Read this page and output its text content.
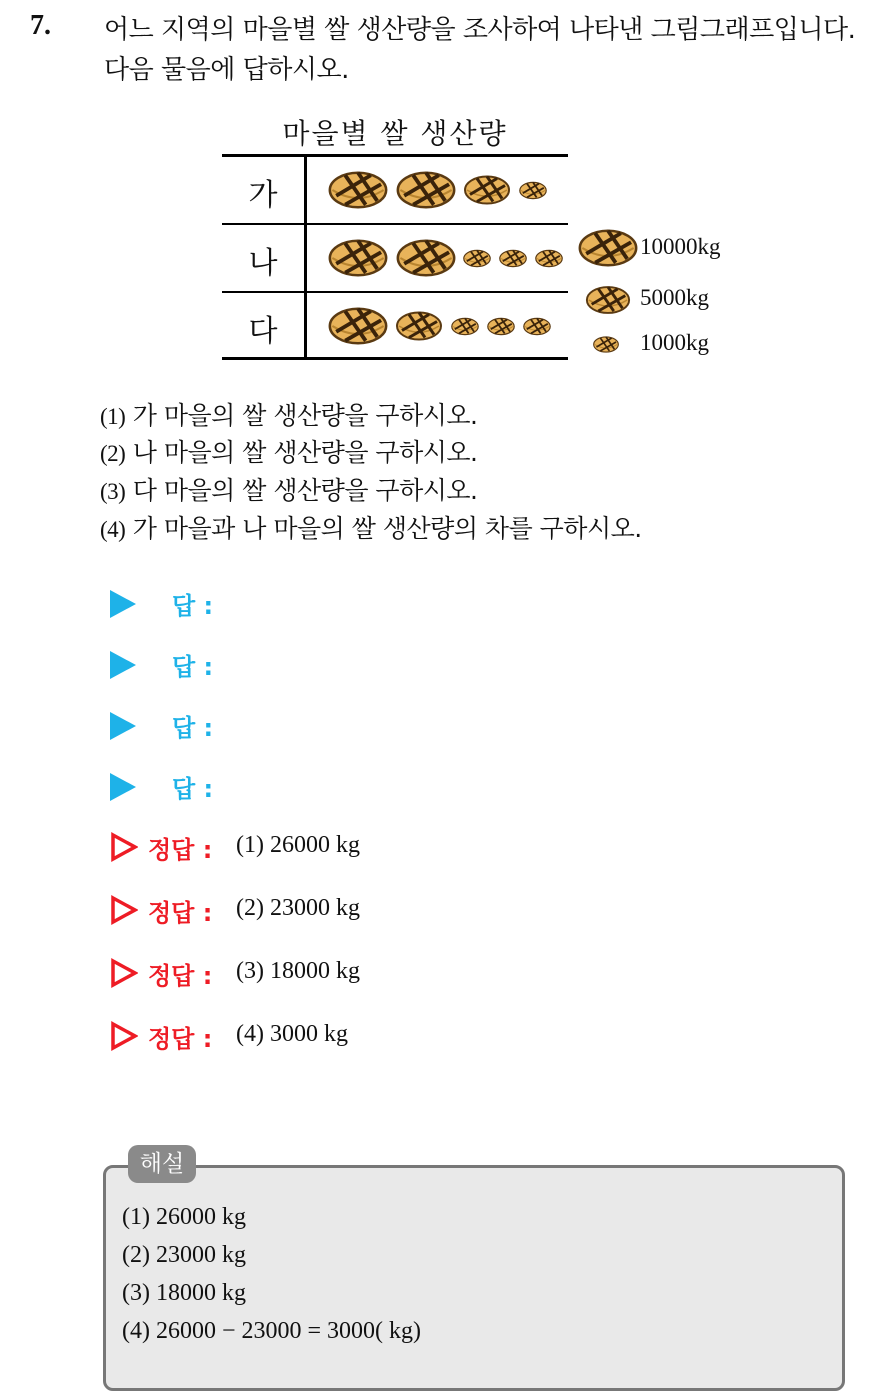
7. 어느 지역의 마을별 쌀 생산량을 조사하여 나타낸 그림그래프입니다.
다음 물음에 답하시오.
마을별 쌀 생산량
가
나
다
10000kg
5000kg
1000kg
(1) 가 마을의 쌀 생산량을 구하시오.
(2) 나 마을의 쌀 생산량을 구하시오.
(3) 다 마을의 쌀 생산량을 구하시오.
(4) 가 마을과 나 마을의 쌀 생산량의 차를 구하시오.
답 :
답 :
답 :
답 :
정답 : (1) 26000 kg
정답 : (2) 23000 kg
정답 : (3) 18000 kg
정답 : (4) 3000 kg
해설
(1) 26000 kg
(2) 23000 kg
(3) 18000 kg
(4) 26000 − 23000 = 3000( kg)
